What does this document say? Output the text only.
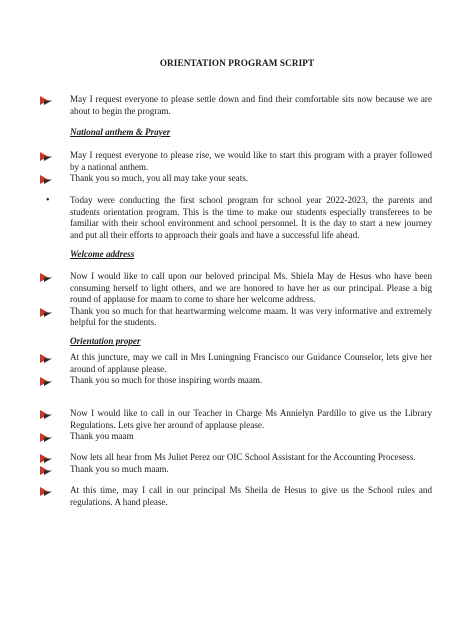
ORIENTATION PROGRAM SCRIPT
May I request everyone to please settle down and find their comfortable sits now because we are about to begin the program.
National anthem & Prayer
May I request everyone to please rise, we would like to start this program with a prayer followed by a national anthem.
Thank you so much, you all may take your seats.
• Today were conducting the first school program for school year 2022-2023, the parents and students orientation program. This is the time to make our students especially transferees to be familiar with their school environment and school personnel. It is the day to start a new journey and put all their efforts to approach their goals and have a successful life ahead.
Welcome address
Now I would like to call upon our beloved principal Ms. Shiela May de Hesus who have been consuming herself to light others, and we are honored to have her as our principal. Please a big round of applause for maam to come to share her welcome address.
Thank you so much for that heartwarming welcome maam. It was very informative and extremely helpful for the students.
Orientation proper
At this juncture, may we call in Mrs Luningning Francisco our Guidance Counselor, lets give her around of applause please.
Thank you so much for those inspiring words maam.
Now I would like to call in our Teacher in Charge Ms Annielyn Pardillo to give us the Library Regulations. Lets give her around of applause please.
Thank you maam
Now lets all hear from Ms Juliet Perez our OIC School Assistant for the Accounting Procesess.
Thank you so much maam.
At this time, may I call in our principal Ms Sheila de Hesus to give us the School rules and regulations. A hand please.
